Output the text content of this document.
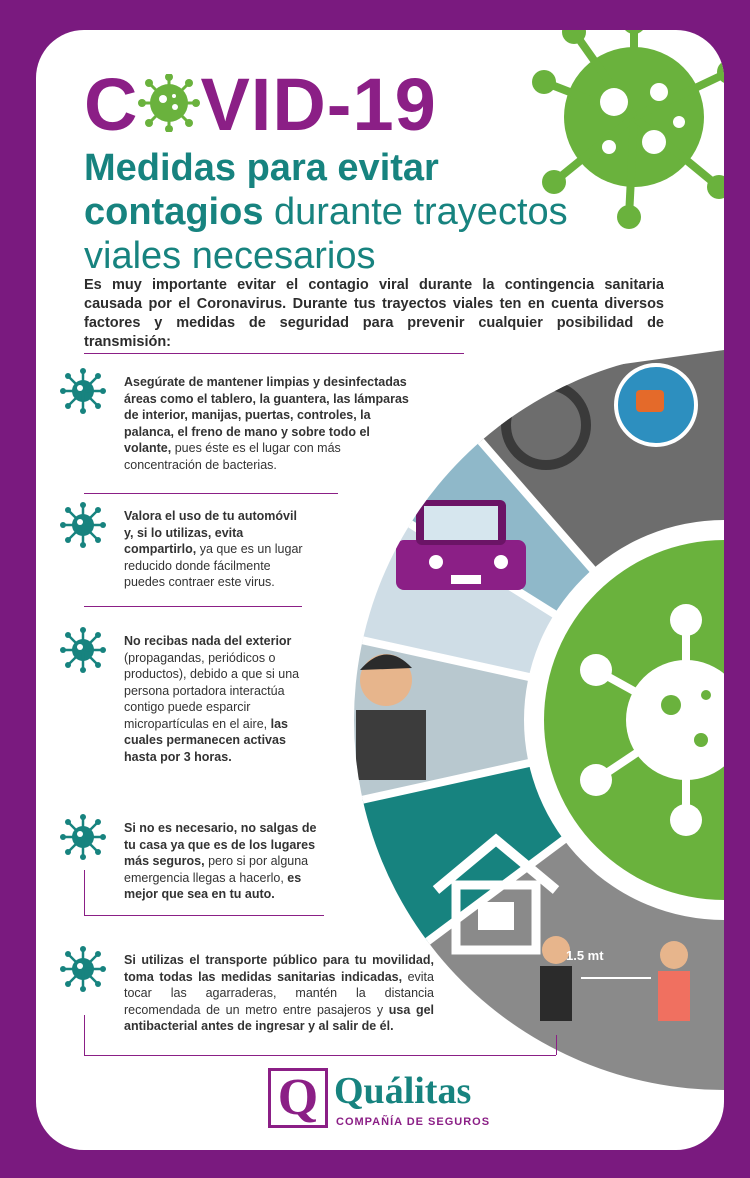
C VID-19
Medidas para evitar contagios durante trayectos viales necesarios
Es muy importante evitar el contagio viral durante la contingencia sanitaria causada por el Coronavirus. Durante tus trayectos viales ten en cuenta diversos factores y medidas de seguridad para prevenir cualquier posibilidad de transmisión:
1.5 mt

Asegúrate de mantener limpias y desinfectadas áreas como el tablero, la guantera, las lámparas de interior, manijas, puertas, controles, la palanca, el freno de mano y sobre todo el volante, pues éste es el lugar con más concentración de bacterias.

Valora el uso de tu automóvil y, si lo utilizas, evita compartirlo, ya que es un lugar reducido donde fácilmente puedes contraer este virus.

No recibas nada del exterior (propagandas, periódicos o productos), debido a que si una persona portadora interactúa contigo puede esparcir micropartículas en el aire, las cuales permanecen activas hasta por 3 horas.

Si no es necesario, no salgas de tu casa ya que es de los lugares más seguros, pero si por alguna emergencia llegas a hacerlo, es mejor que sea en tu auto.

Si utilizas el transporte público para tu movilidad, toma todas las medidas sanitarias indicadas, evita tocar las agarraderas, mantén la distancia recomendada de un metro entre pasajeros y usa gel antibacterial antes de ingresar y al salir de él.

Q Quálitas
COMPAÑÍA DE SEGUROS
